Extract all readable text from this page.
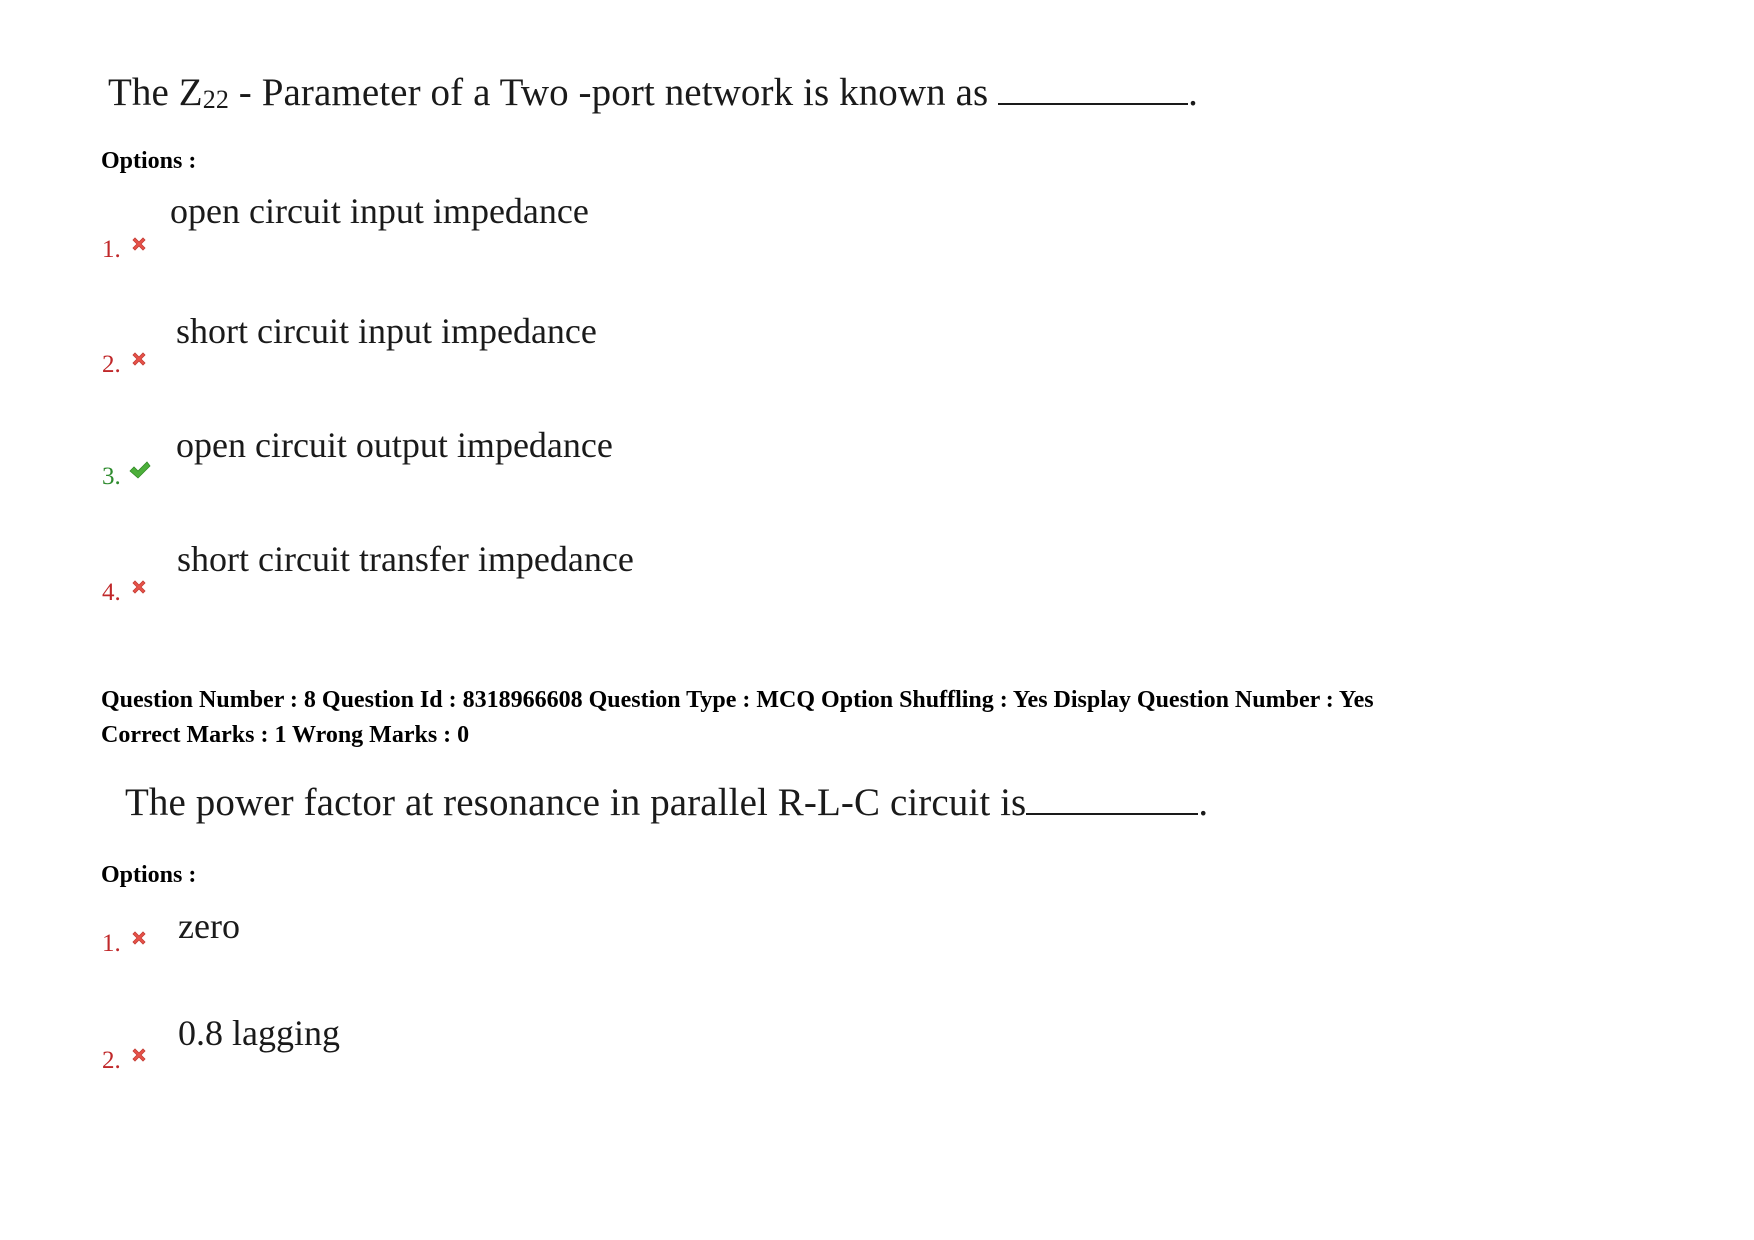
The $Z_{22}$ - Parameter of a Two -port network is known as	.
Options :
1.
open circuit input impedance
2.
short circuit input impedance
3.
open circuit output impedance
4.
short circuit transfer impedance
Question Number : 8 Question Id : 8318966608 Question Type : MCQ Option Shuffling : Yes Display Question Number : Yes
Correct Marks : 1 Wrong Marks : 0
The power factor at resonance in parallel R-L-C circuit is	.
Options :
1. zero
2.
0.8 lagging
